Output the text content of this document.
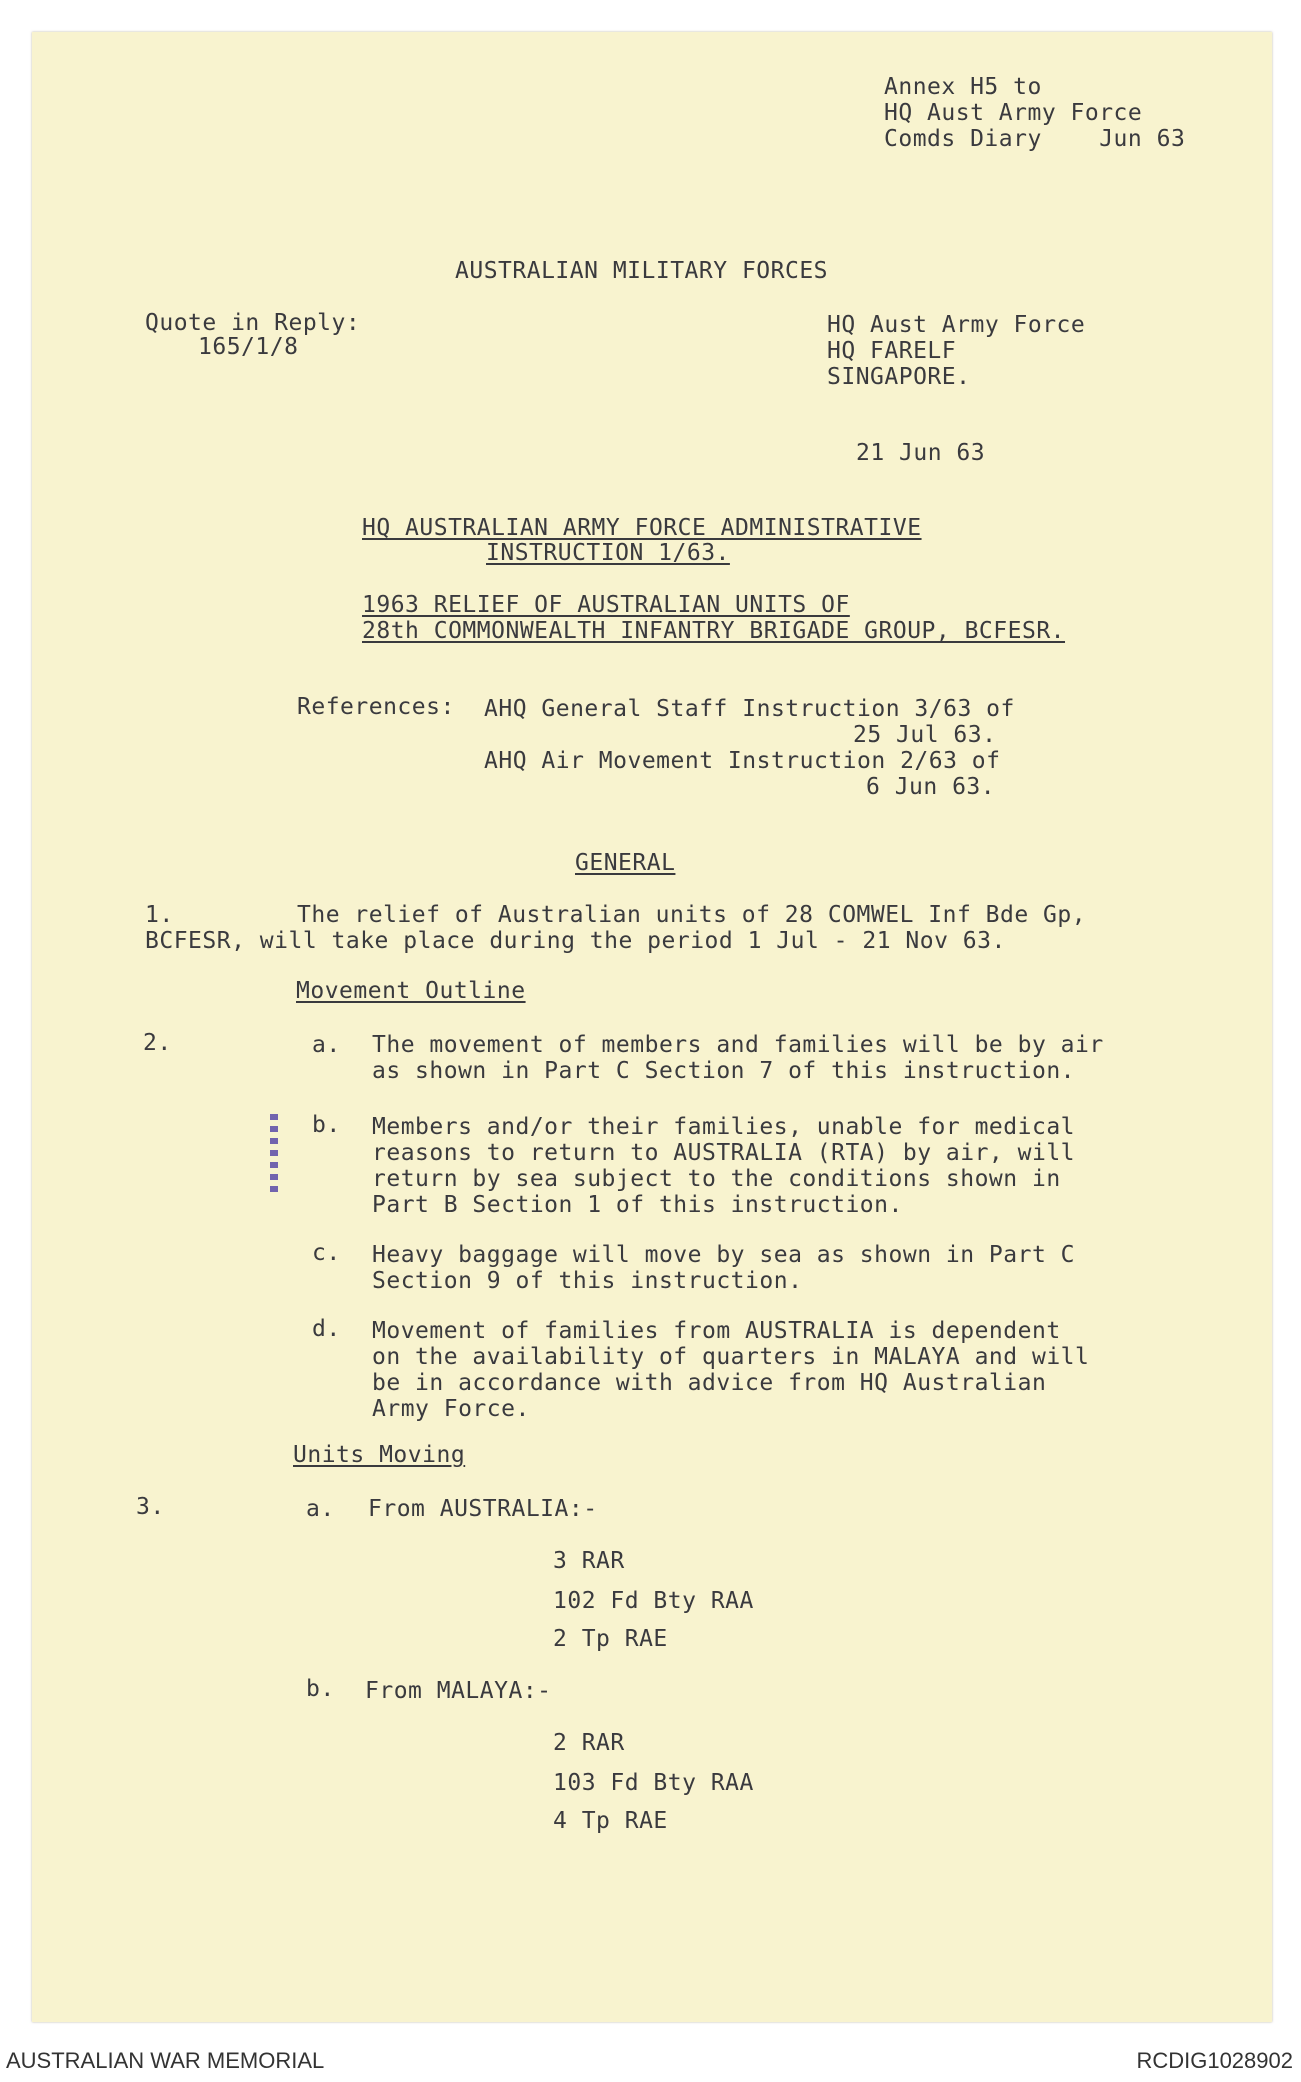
Annex H5 to
HQ Aust Army Force
Comds Diary    Jun 63
AUSTRALIAN MILITARY FORCES
Quote in Reply:
165/1/8
HQ Aust Army Force
HQ FARELF
SINGAPORE.
21 Jun 63
HQ AUSTRALIAN ARMY FORCE ADMINISTRATIVE
INSTRUCTION 1/63.
1963 RELIEF OF AUSTRALIAN UNITS OF
28th COMMONWEALTH INFANTRY BRIGADE GROUP, BCFESR.
References: AHQ General Staff Instruction 3/63 of
25 Jul 63.
AHQ Air Movement Instruction 2/63 of
6 Jun 63.
GENERAL
1.	The relief of Australian units of 28 COMWEL Inf Bde Gp,
BCFESR, will take place during the period 1 Jul - 21 Nov 63.
Movement Outline
2.	a. The movement of members and families will be by air
as shown in Part C Section 7 of this instruction.
b. Members and/or their families, unable for medical
reasons to return to AUSTRALIA (RTA) by air, will
return by sea subject to the conditions shown in
Part B Section 1 of this instruction.
c. Heavy baggage will move by sea as shown in Part C
Section 9 of this instruction.
d. Movement of families from AUSTRALIA is dependent
on the availability of quarters in MALAYA and will
be in accordance with advice from HQ Australian
Army Force.
Units Moving
3.	a. From AUSTRALIA:-
3 RAR
102 Fd Bty RAA
2 Tp RAE
b. From MALAYA:-
2 RAR
103 Fd Bty RAA
4 Tp RAE
AUSTRALIAN WAR MEMORIAL	RCDIG1028902
